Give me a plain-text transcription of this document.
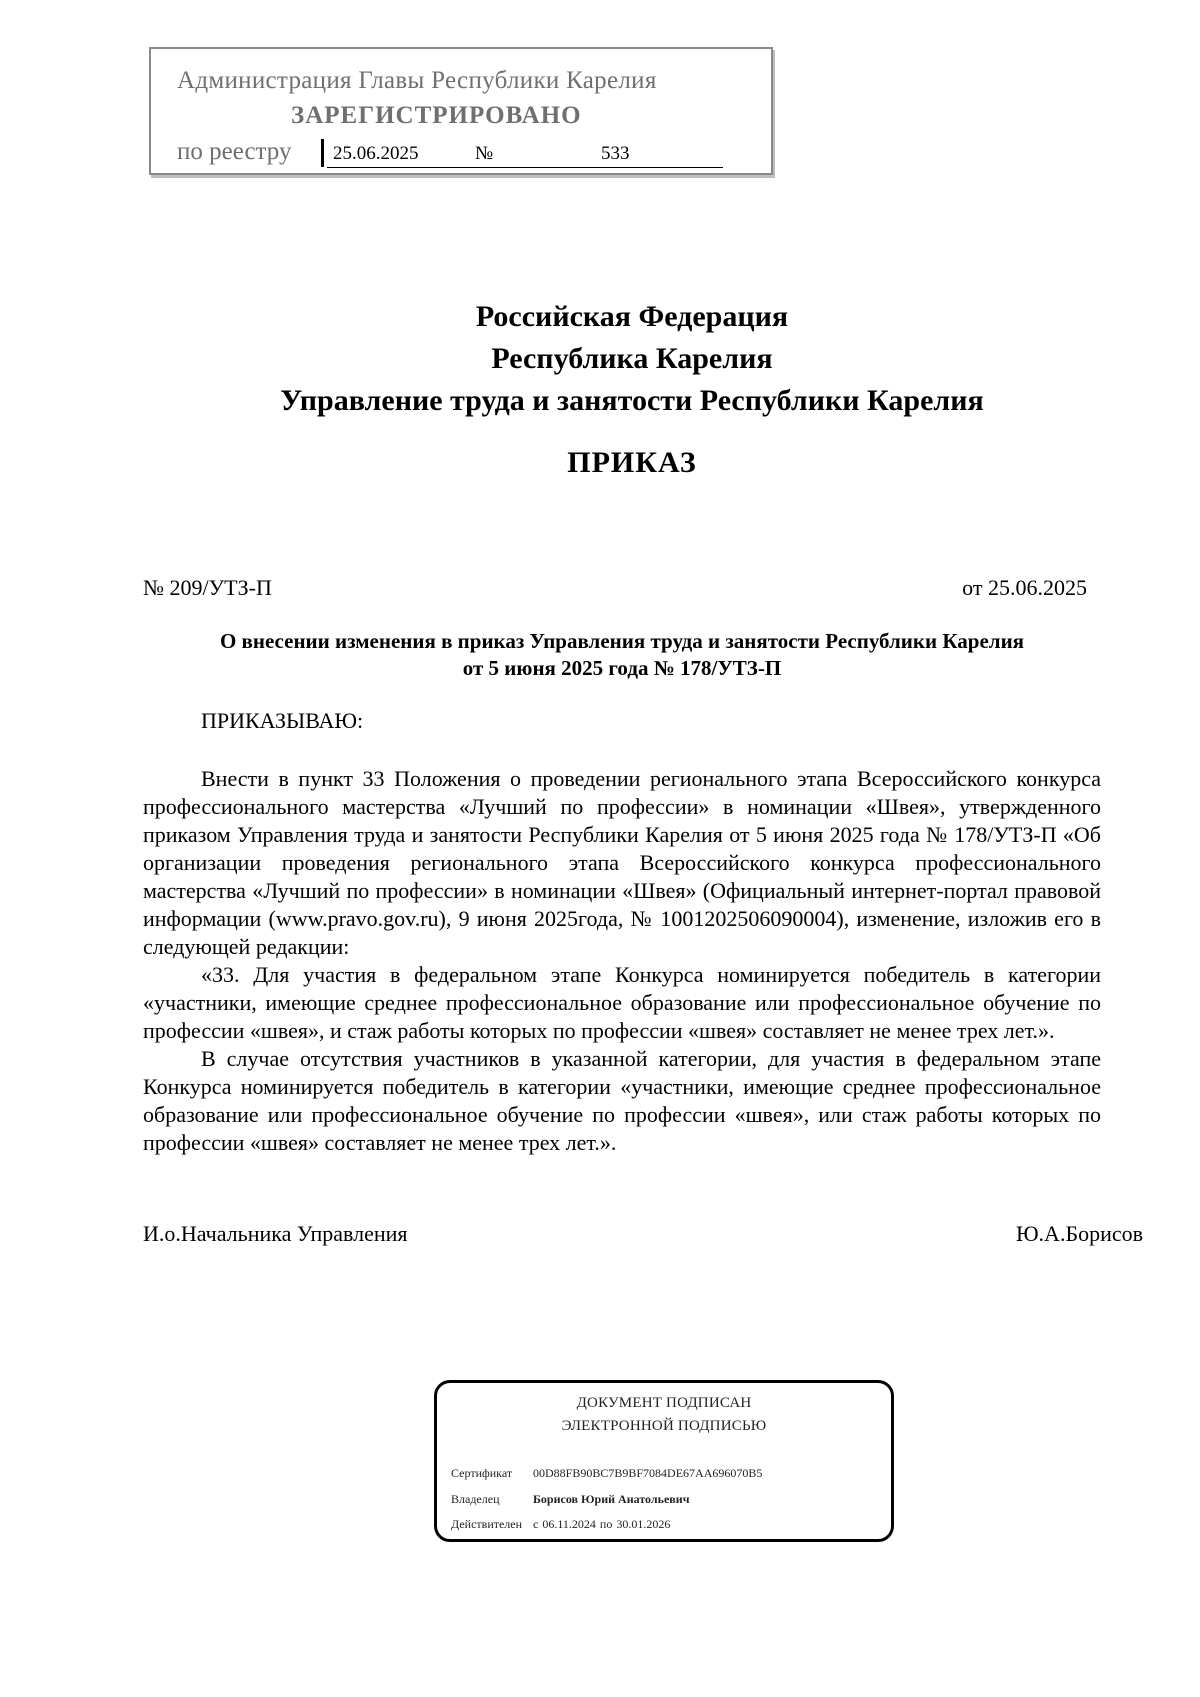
Администрация Главы Республики Карелия
ЗАРЕГИСТРИРОВАНО
по реестру 25.06.2025	№	533
Российская Федерация
Республика Карелия
Управление труда и занятости Республики Карелия
ПРИКАЗ
№ 209/УТЗ-П	от 25.06.2025
О внесении изменения в приказ Управления труда и занятости Республики Карелия
от 5 июня 2025 года № 178/УТЗ-П
ПРИКАЗЫВАЮ:

Внести в пункт 33 Положения о проведении регионального этапа Всероссийского конкурса профессионального мастерства «Лучший по профессии» в номинации «Швея», утвержденного приказом Управления труда и занятости Республики Карелия от 5 июня 2025 года № 178/УТЗ-П «Об организации проведения регионального этапа Всероссийского конкурса профессионального мастерства «Лучший по профессии» в номинации «Швея» (Официальный интернет-портал правовой информации (www.pravo.gov.ru), 9 июня 2025года, № 1001202506090004), изменение, изложив его в следующей редакции:

«33. Для участия в федеральном этапе Конкурса номинируется победитель в категории «участники, имеющие среднее профессиональное образование или профессиональное обучение по профессии «швея», и стаж работы которых по профессии «швея» составляет не менее трех лет.».

В случае отсутствия участников в указанной категории, для участия в федеральном этапе Конкурса номинируется победитель в категории «участники, имеющие среднее профессиональное образование или профессиональное обучение по профессии «швея», или стаж работы которых по профессии «швея» составляет не менее трех лет.».

И.о.Начальника Управления	Ю.А.Борисов
ДОКУМЕНТ ПОДПИСАН
ЭЛЕКТРОННОЙ ПОДПИСЬЮ
Сертификат 00D88FB90BC7B9BF7084DE67AA696070B5
Владелец	Борисов Юрий Анатольевич
Действителен с 06.11.2024 по 30.01.2026
